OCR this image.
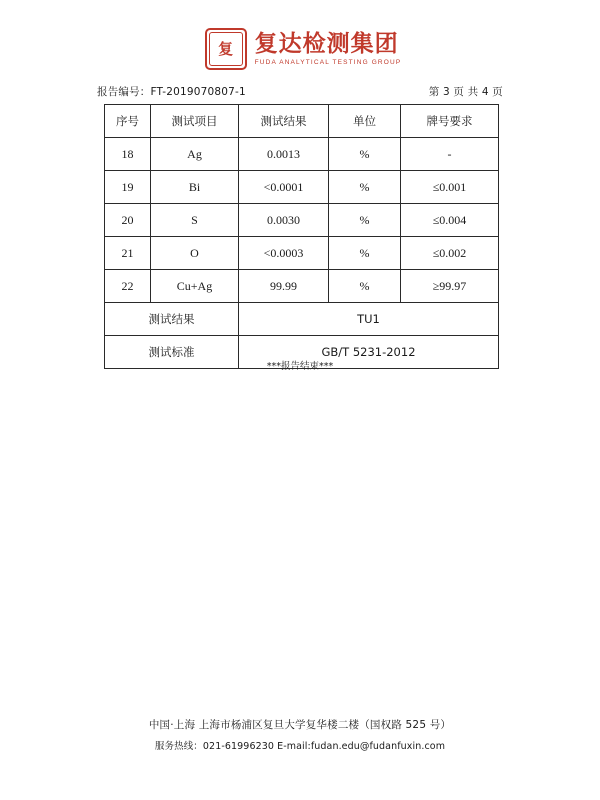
复 复达检测集团
FUDA ANALYTICAL TESTING GROUP
报告编号：FT-2019070807-1	第 3 页 共 4 页
序号	测试项目	测试结果	单位	牌号要求
18	Ag	0.0013	%	-
19	Bi	<0.0001	%	≤0.001
20	S	0.0030	%	≤0.004
21	O	<0.0003	%	≤0.002
22	Cu+Ag	99.99	%	≥99.97
测试结果		TU1		
测试标准		GB/T 5231-2012		
***报告结束***
中国·上海 上海市杨浦区复旦大学复华楼二楼（国权路 525 号）
服务热线：021-61996230 E-mail:fudan.edu@fudanfuxin.com
